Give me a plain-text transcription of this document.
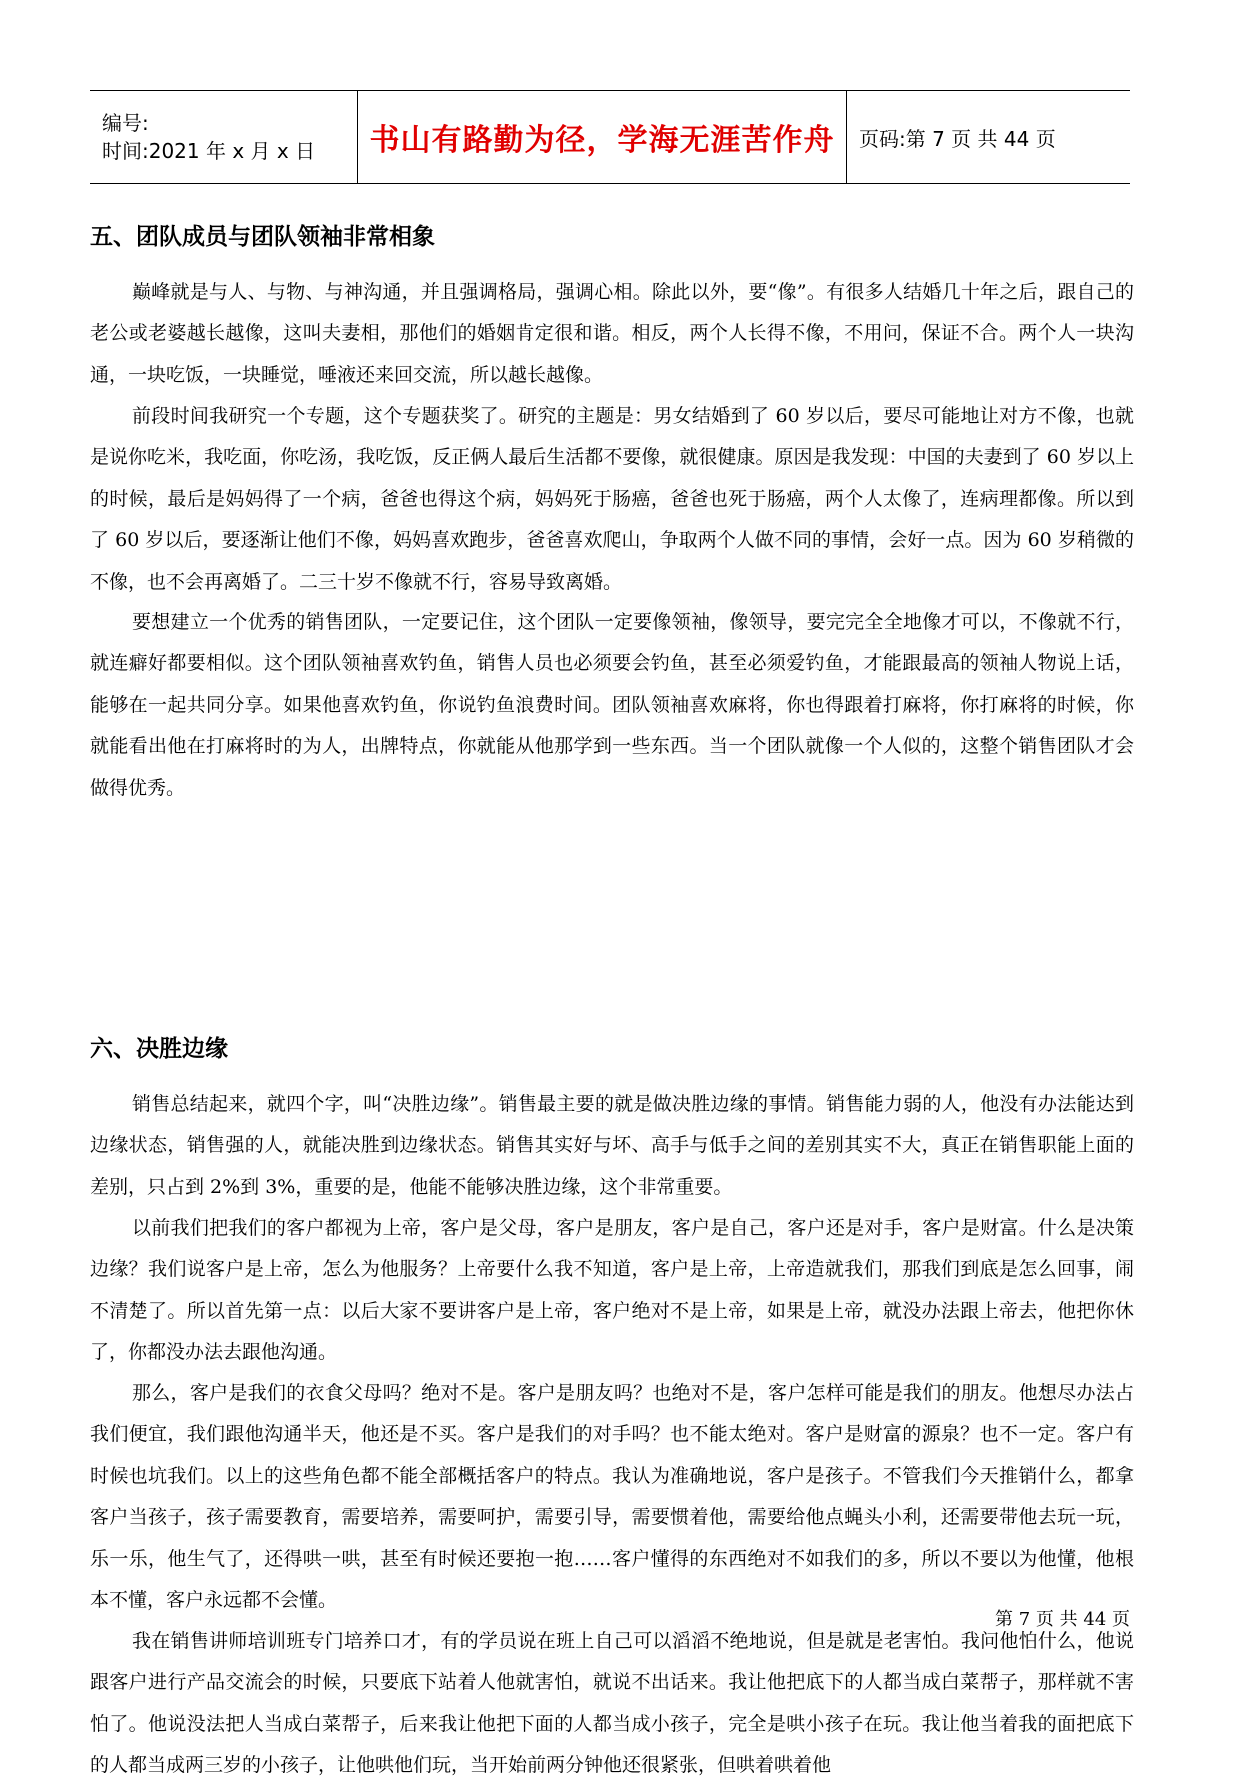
编号:
时间:2021 年 x 月 x 日	书山有路勤为径，学海无涯苦作舟	页码:第 7 页 共 44 页
五、团队成员与团队领袖非常相象

巅峰就是与人、与物、与神沟通，并且强调格局，强调心相。除此以外，要“像”。有很多人结婚几十年之后，跟自己的老公或老婆越长越像，这叫夫妻相，那他们的婚姻肯定很和谐。相反，两个人长得不像，不用问，保证不合。两个人一块沟通，一块吃饭，一块睡觉，唾液还来回交流，所以越长越像。

前段时间我研究一个专题，这个专题获奖了。研究的主题是：男女结婚到了 60 岁以后，要尽可能地让对方不像，也就是说你吃米，我吃面，你吃汤，我吃饭，反正俩人最后生活都不要像，就很健康。原因是我发现：中国的夫妻到了 60 岁以上的时候，最后是妈妈得了一个病，爸爸也得这个病，妈妈死于肠癌，爸爸也死于肠癌，两个人太像了，连病理都像。所以到了 60 岁以后，要逐渐让他们不像，妈妈喜欢跑步，爸爸喜欢爬山，争取两个人做不同的事情，会好一点。因为 60 岁稍微的不像，也不会再离婚了。二三十岁不像就不行，容易导致离婚。

要想建立一个优秀的销售团队，一定要记住，这个团队一定要像领袖，像领导，要完完全全地像才可以，不像就不行，就连癖好都要相似。这个团队领袖喜欢钓鱼，销售人员也必须要会钓鱼，甚至必须爱钓鱼，才能跟最高的领袖人物说上话，能够在一起共同分享。如果他喜欢钓鱼，你说钓鱼浪费时间。团队领袖喜欢麻将，你也得跟着打麻将，你打麻将的时候，你就能看出他在打麻将时的为人，出牌特点，你就能从他那学到一些东西。当一个团队就像一个人似的，这整个销售团队才会做得优秀。

六、决胜边缘

销售总结起来，就四个字，叫“决胜边缘”。销售最主要的就是做决胜边缘的事情。销售能力弱的人，他没有办法能达到边缘状态，销售强的人，就能决胜到边缘状态。销售其实好与坏、高手与低手之间的差别其实不大，真正在销售职能上面的差别，只占到 2%到 3%，重要的是，他能不能够决胜边缘，这个非常重要。

以前我们把我们的客户都视为上帝，客户是父母，客户是朋友，客户是自己，客户还是对手，客户是财富。什么是决策边缘？我们说客户是上帝，怎么为他服务？上帝要什么我不知道，客户是上帝，上帝造就我们，那我们到底是怎么回事，闹不清楚了。所以首先第一点：以后大家不要讲客户是上帝，客户绝对不是上帝，如果是上帝，就没办法跟上帝去，他把你休了，你都没办法去跟他沟通。

那么，客户是我们的衣食父母吗？绝对不是。客户是朋友吗？也绝对不是，客户怎样可能是我们的朋友。他想尽办法占我们便宜，我们跟他沟通半天，他还是不买。客户是我们的对手吗？也不能太绝对。客户是财富的源泉？也不一定。客户有时候也坑我们。以上的这些角色都不能全部概括客户的特点。我认为准确地说，客户是孩子。不管我们今天推销什么，都拿客户当孩子，孩子需要教育，需要培养，需要呵护，需要引导，需要惯着他，需要给他点蝇头小利，还需要带他去玩一玩，乐一乐，他生气了，还得哄一哄，甚至有时候还要抱一抱……客户懂得的东西绝对不如我们的多，所以不要以为他懂，他根本不懂，客户永远都不会懂。

我在销售讲师培训班专门培养口才，有的学员说在班上自己可以滔滔不绝地说，但是就是老害怕。我问他怕什么，他说跟客户进行产品交流会的时候，只要底下站着人他就害怕，就说不出话来。我让他把底下的人都当成白菜帮子，那样就不害怕了。他说没法把人当成白菜帮子，后来我让他把下面的人都当成小孩子，完全是哄小孩子在玩。我让他当着我的面把底下的人都当成两三岁的小孩子，让他哄他们玩，当开始前两分钟他还很紧张，但哄着哄着他

第 7 页 共 44 页
